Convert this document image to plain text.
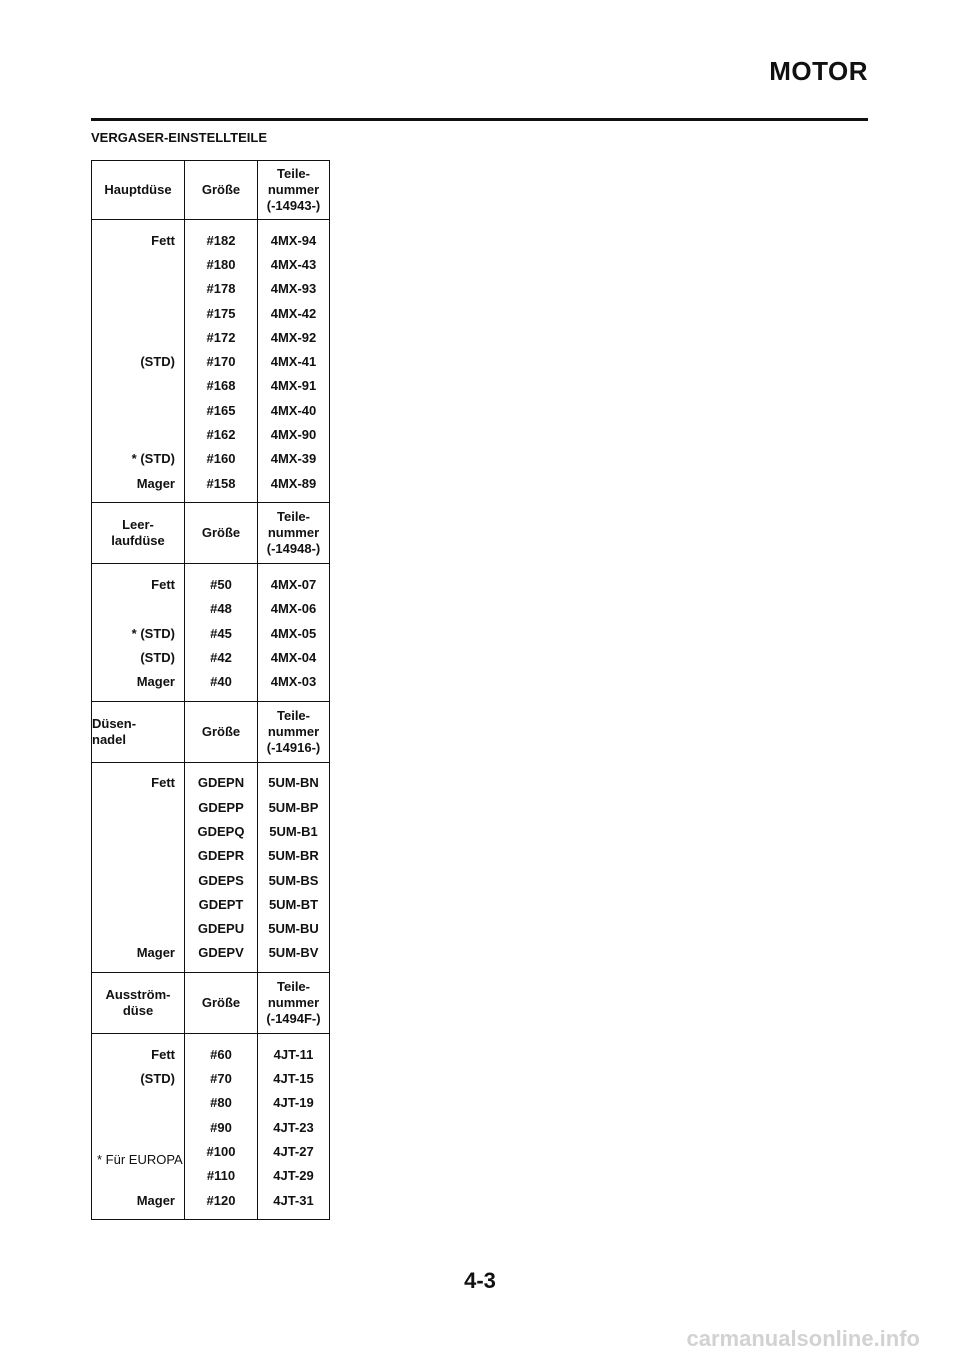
MOTOR
VERGASER-EINSTELLTEILE
Hauptdüse	Größe	Teile-
nummer
(-14943-)
Fett	#182	4MX-94
	#180	4MX-43
	#178	4MX-93
	#175	4MX-42
	#172	4MX-92
(STD)	#170	4MX-41
	#168	4MX-91
	#165	4MX-40
	#162	4MX-90
* (STD)	#160	4MX-39
Mager	#158	4MX-89
Leer-
laufdüse	Größe	Teile-
nummer
(-14948-)
Fett	#50	4MX-07
	#48	4MX-06
* (STD)	#45	4MX-05
(STD)	#42	4MX-04
Mager	#40	4MX-03
Düsen-
nadel	Größe	Teile-
nummer
(-14916-)
Fett	GDEPN	5UM-BN
	GDEPP	5UM-BP
	GDEPQ	5UM-B1
	GDEPR	5UM-BR
	GDEPS	5UM-BS
	GDEPT	5UM-BT
	GDEPU	5UM-BU
Mager	GDEPV	5UM-BV
Ausström-
düse	Größe	Teile-
nummer
(-1494F-)
Fett	#60	4JT-11
(STD)	#70	4JT-15
	#80	4JT-19
	#90	4JT-23
	#100	4JT-27
	#110	4JT-29
Mager	#120	4JT-31
* Für EUROPA
4-3
carmanualsonline.info
